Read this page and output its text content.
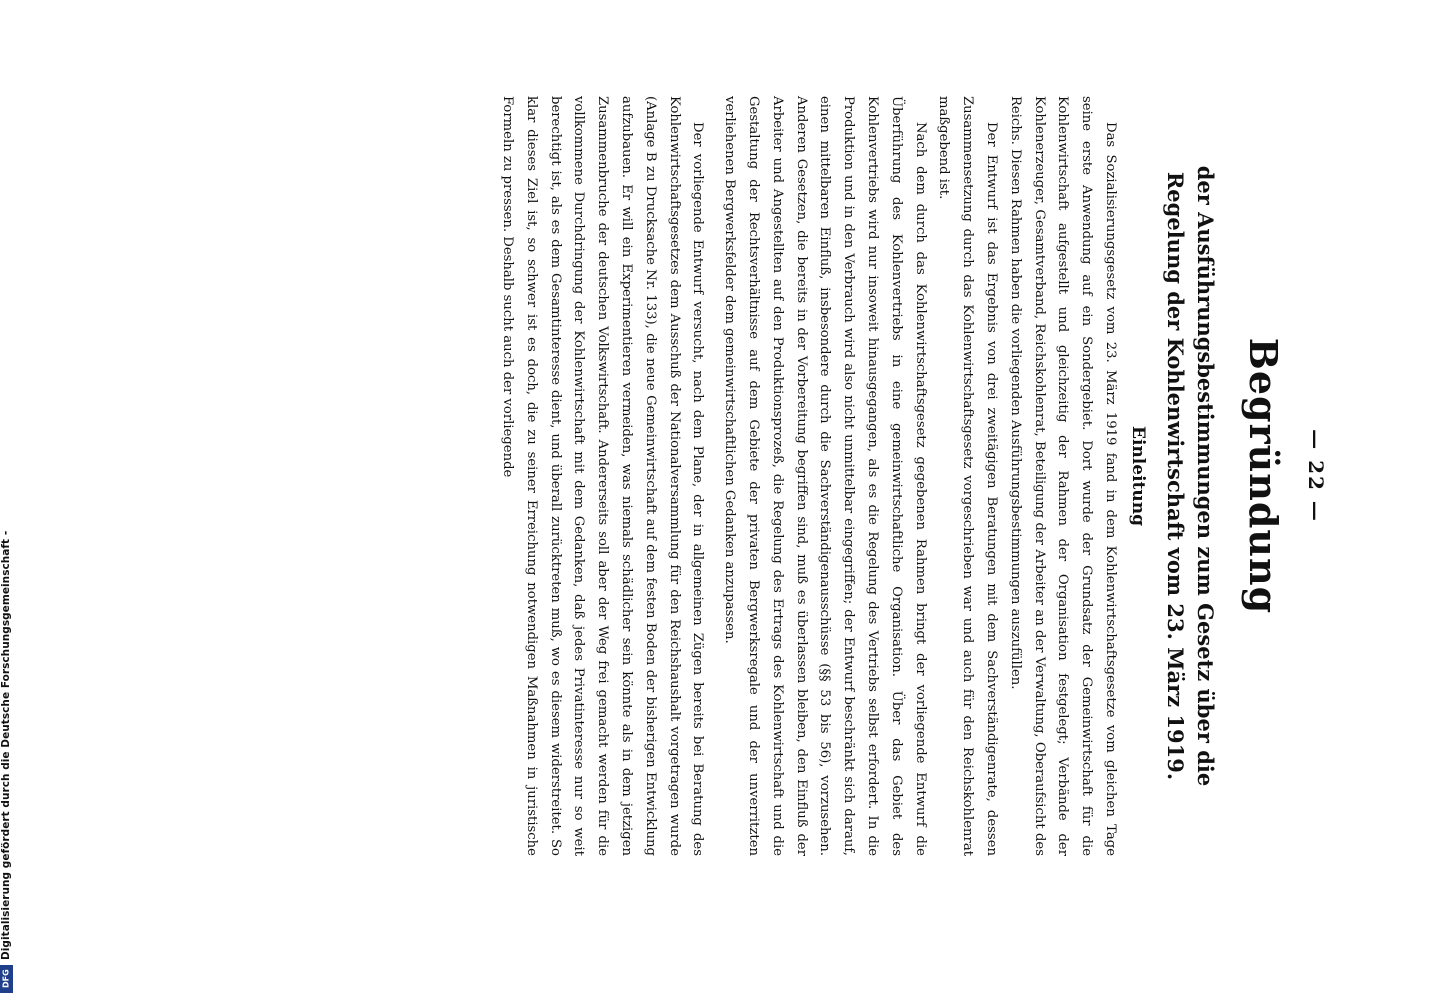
Digitalisierung gefördert durch die Deutsche Forschungsgemeinschaft -
DFG
— 22 —
Begründung
der Ausführungsbestimmungen zum Gesetz über die Regelung der Kohlenwirtschaft vom 23. März 1919.
Einleitung

Das Sozialisierungsgesetz vom 23. März 1919 fand in dem Kohlenwirtschaftsgesetze vom gleichen Tage seine erste Anwendung auf ein Sondergebiet. Dort wurde der Grundsatz der Gemeinwirtschaft für die Kohlenwirtschaft aufgestellt und gleichzeitig der Rahmen der Organisation festgelegt; Verbände der Kohlenerzeuger, Gesamtverband, Reichskohlenrat, Beteiligung der Arbeiter an der Verwaltung, Oberaufsicht des Reichs. Diesen Rahmen haben die vorliegenden Ausführungsbestimmungen auszufüllen.

Der Entwurf ist das Ergebnis von drei zweitägigen Beratungen mit dem Sachverständigenrate, dessen Zusammensetzung durch das Kohlenwirtschaftsgesetz vorgeschrieben war und auch für den Reichskohlenrat maßgebend ist.

Nach dem durch das Kohlenwirtschaftsgesetz gegebenen Rahmen bringt der vorliegende Entwurf die Überführung des Kohlenvertriebs in eine gemeinwirtschaftliche Organisation. Über das Gebiet des Kohlenvertriebs wird nur insoweit hinausgegangen, als es die Regelung des Vertriebs selbst erfordert. In die Produktion und in den Verbrauch wird also nicht unmittelbar eingegriffen; der Entwurf beschränkt sich darauf, einen mittelbaren Einfluß, insbesondere durch die Sachverständigenausschüsse (§§ 53 bis 56), vorzusehen. Anderen Gesetzen, die bereits in der Vorbereitung begriffen sind, muß es überlassen bleiben, den Einfluß der Arbeiter und Angestellten auf den Produktionsprozeß, die Regelung des Ertrags des Kohlenwirtschaft und die Gestaltung der Rechtsverhältnisse auf dem Gebiete der privaten Bergwerksregale und der unverritzten verliehenen Bergwerksfelder dem gemeinwirtschaftlichen Gedanken anzupassen.

Der vorliegende Entwurf versucht, nach dem Plane, der in allgemeinen Zügen bereits bei Beratung des Kohlenwirtschaftsgesetzes dem Ausschuß der Nationalversammlung für den Reichshaushalt vorgetragen wurde (Anlage B zu Drucksache Nr. 133), die neue Gemeinwirtschaft auf dem festen Boden der bisherigen Entwicklung aufzubauen. Er will ein Experimentieren vermeiden, was niemals schädlicher sein könnte als in dem jetzigen Zusammenbruche der deutschen Volkswirtschaft. Andererseits soll aber der Weg frei gemacht werden für die vollkommene Durchdringung der Kohlenwirtschaft mit dem Gedanken, daß jedes Privatinteresse nur so weit berechtigt ist, als es dem Gesamtinteresse dient, und überall zurücktreten muß, wo es diesem widerstreitet. So klar dieses Ziel ist, so schwer ist es doch, die zu seiner Erreichung notwendigen Maßnahmen in juristische Formeln zu pressen. Deshalb sucht auch der vorliegende
